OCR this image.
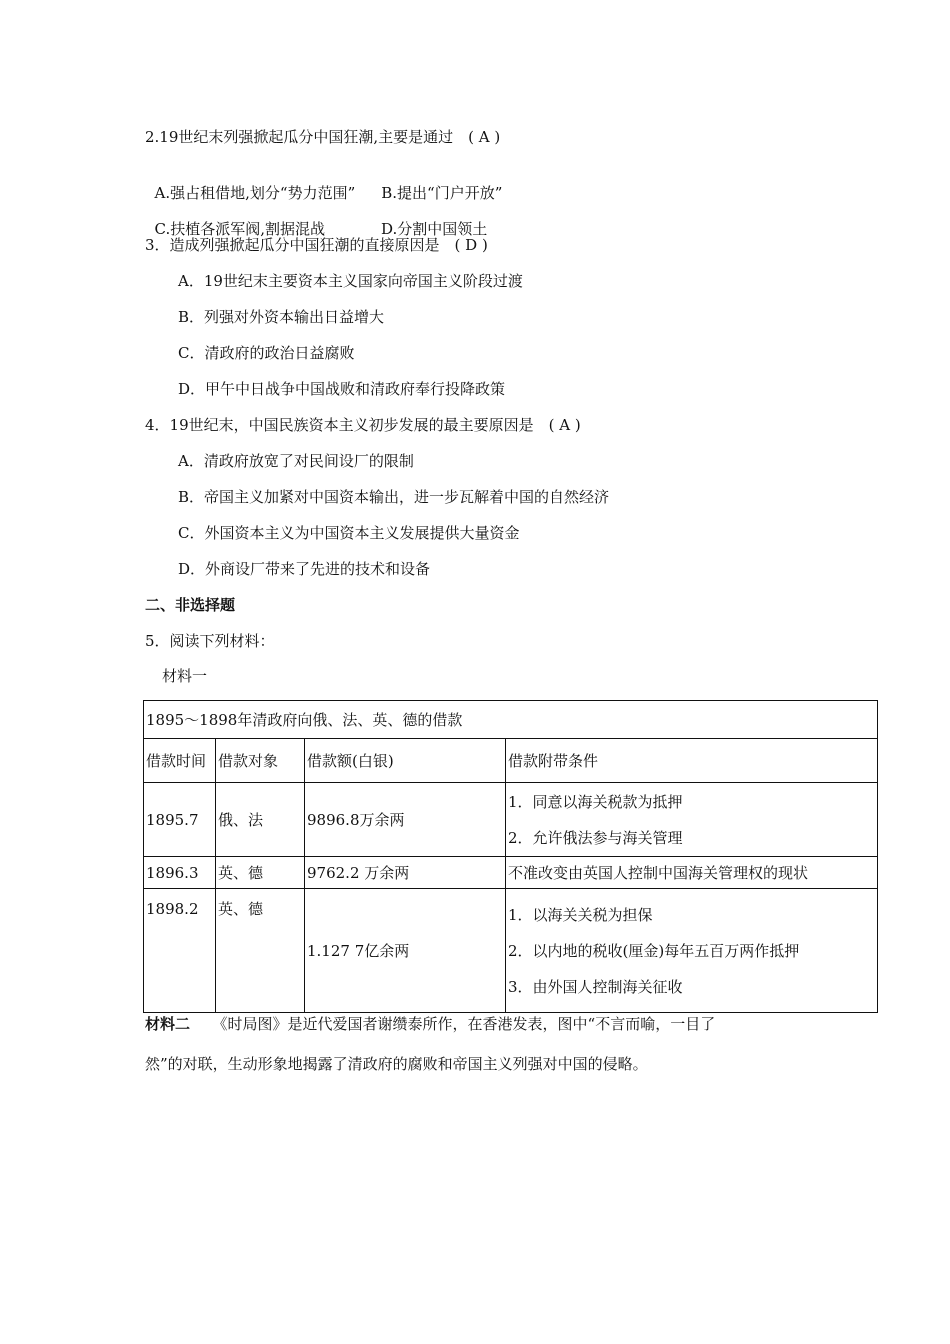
2.19世纪末列强掀起瓜分中国狂潮,主要是通过　( A )

A.强占租借地,划分“势力范围” B.提出“门户开放”

C.扶植各派军阀,割据混战	D.分割中国领土

3．造成列强掀起瓜分中国狂潮的直接原因是　( D )
A．19世纪末主要资本主义国家向帝国主义阶段过渡
B．列强对外资本输出日益增大
C．清政府的政治日益腐败
D．甲午中日战争中国战败和清政府奉行投降政策
4．19世纪末，中国民族资本主义初步发展的最主要原因是　( A )
A．清政府放宽了对民间设厂的限制
B．帝国主义加紧对中国资本输出，进一步瓦解着中国的自然经济
C．外国资本主义为中国资本主义发展提供大量资金
D．外商设厂带来了先进的技术和设备
二、非选择题
5．阅读下列材料：
材料一
1895～1898年清政府向俄、法、英、德的借款			
借款时间	借款对象	借款额(白银)	借款附带条件
1895.7	俄、法	9896.8万余两	1．同意以海关税款为抵押
2．允许俄法参与海关管理

1896.3	英、德	9762.2 万余两	不准改变由英国人控制中国海关管理权的现状
1898.2	英、德	1.127 7亿余两	1．以海关关税为担保
2．以内地的税收(厘金)每年五百万两作抵押
3．由外国人控制海关征收
材料二　　 《时局图》是近代爱国者谢缵泰所作，在香港发表，图中“不言而喻，一目了
然”的对联，生动形象地揭露了清政府的腐败和帝国主义列强对中国的侵略。
